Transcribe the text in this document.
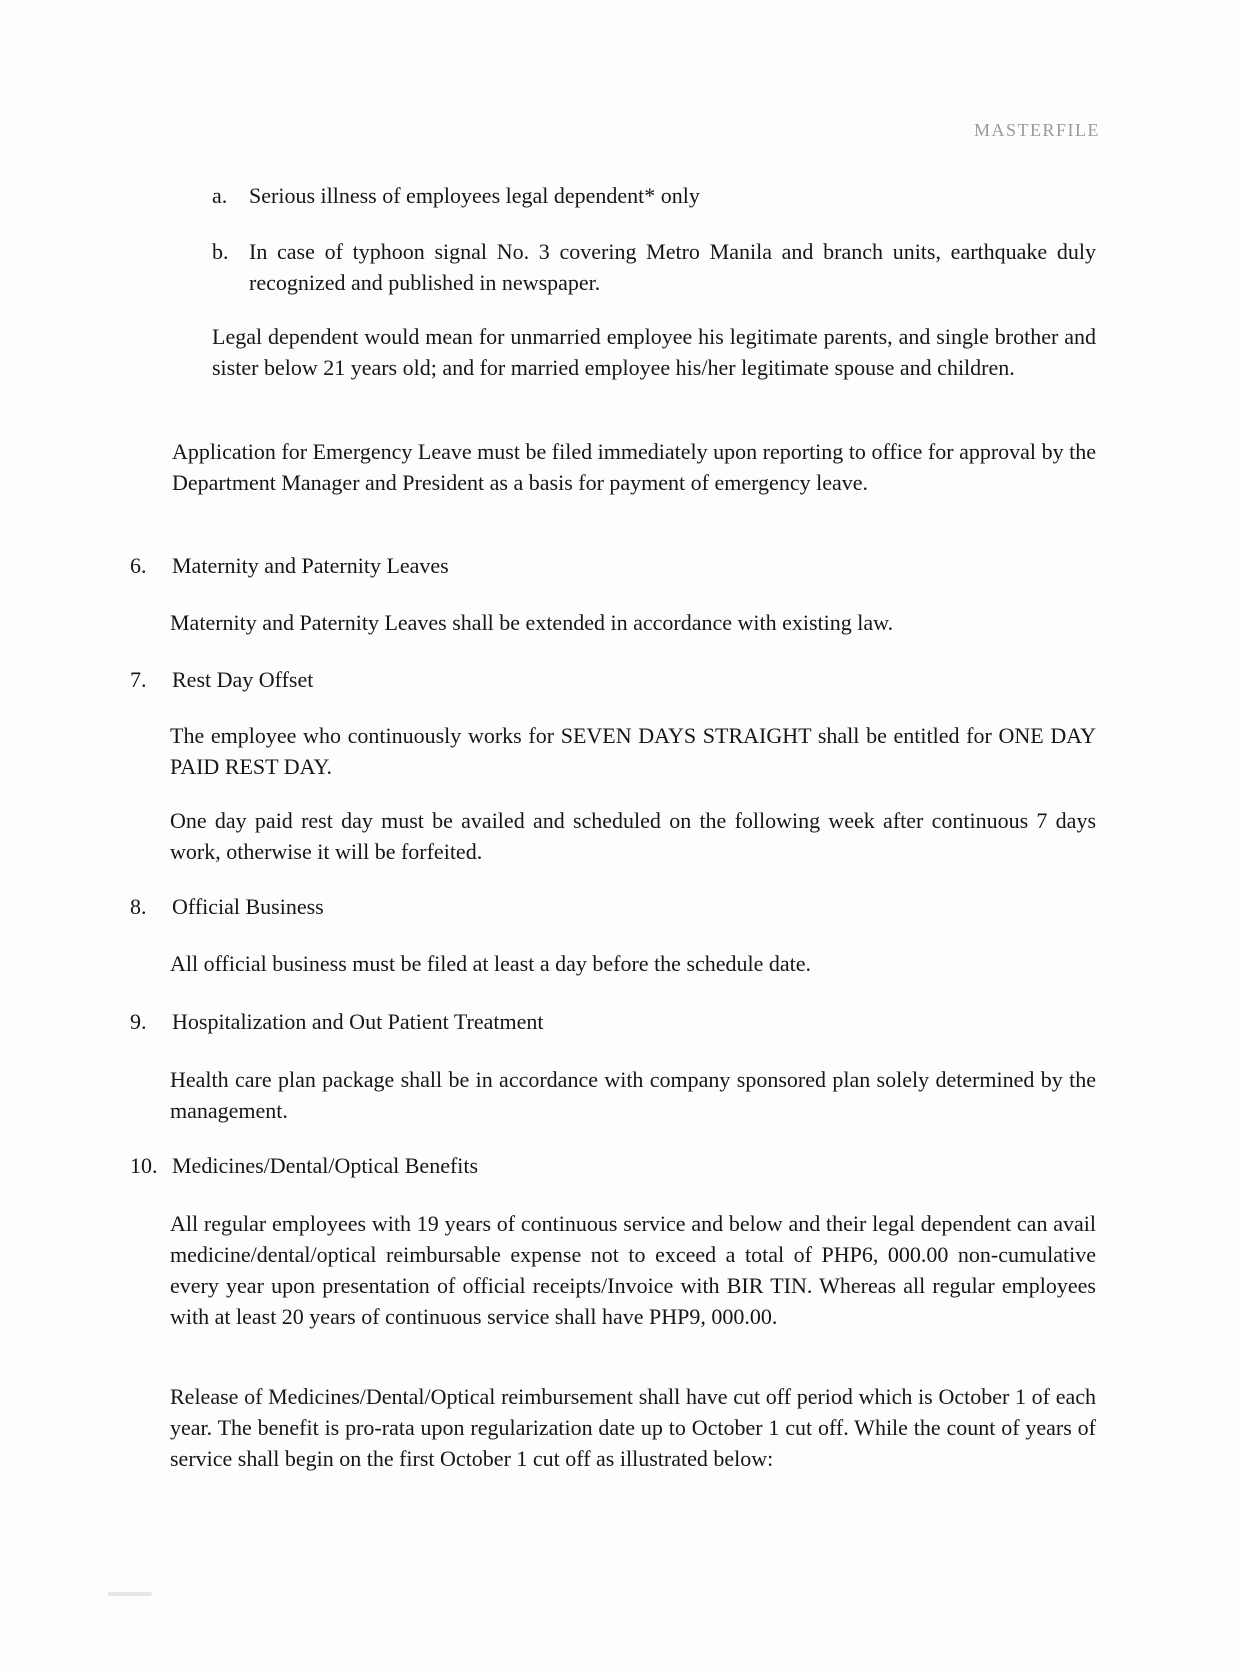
MASTERFILE
a. Serious illness of employees legal dependent* only
b. In case of typhoon signal No. 3 covering Metro Manila and branch units, earthquake duly recognized and published in newspaper.
Legal dependent would mean for unmarried employee his legitimate parents, and single brother and sister below 21 years old; and for married employee his/her legitimate spouse and children.
Application for Emergency Leave must be filed immediately upon reporting to office for approval by the Department Manager and President as a basis for payment of emergency leave.
6. Maternity and Paternity Leaves
Maternity and Paternity Leaves shall be extended in accordance with existing law.
7. Rest Day Offset
The employee who continuously works for SEVEN DAYS STRAIGHT shall be entitled for ONE DAY PAID REST DAY.
One day paid rest day must be availed and scheduled on the following week after continuous 7 days work, otherwise it will be forfeited.
8. Official Business
All official business must be filed at least a day before the schedule date.
9. Hospitalization and Out Patient Treatment
Health care plan package shall be in accordance with company sponsored plan solely determined by the management.
10. Medicines/Dental/Optical Benefits
All regular employees with 19 years of continuous service and below and their legal dependent can avail medicine/dental/optical reimbursable expense not to exceed a total of PHP6, 000.00 non-cumulative every year upon presentation of official receipts/Invoice with BIR TIN. Whereas all regular employees with at least 20 years of continuous service shall have PHP9, 000.00.
Release of Medicines/Dental/Optical reimbursement shall have cut off period which is October 1 of each year. The benefit is pro-rata upon regularization date up to October 1 cut off. While the count of years of service shall begin on the first October 1 cut off as illustrated below:
